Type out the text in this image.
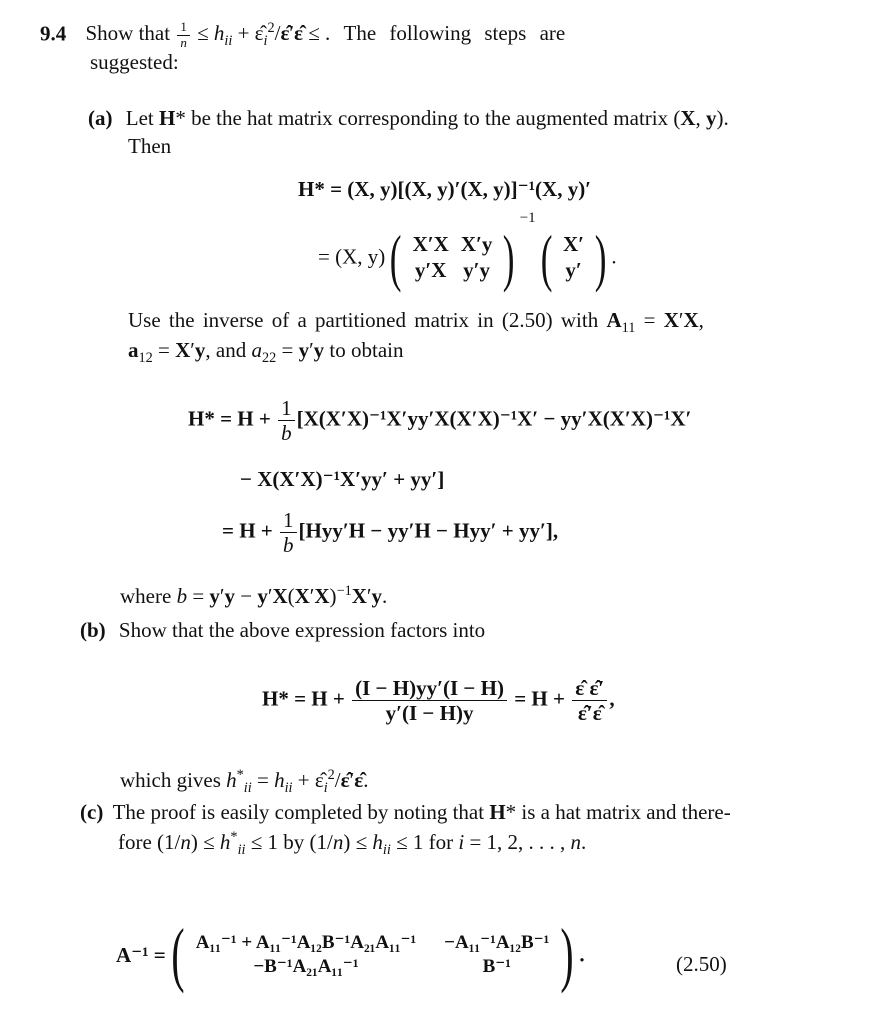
9.4 Show that $\frac{1}{n} \le h_{ii}$ + $\varepsilon̂_i^2/\varepsilon̂'\varepsilon̂$ ≤ . The following steps are
suggested:
(a) Let H* be the hat matrix corresponding to the augmented matrix (X, y).
Then
H* = (X, y)[(X, y)′(X, y)]⁻¹(X, y)′
= (X, y)( X′X	X′y
y′X	y′y )$^{-1}$( X′
y′ ) .
Use the inverse of a partitioned matrix in (2.50) with $A_{11} = X'X$,
$a_{12} = X'y$, and $a_{22} = y'y$ to obtain
$H* = H + \frac{1}{b} [X(X'X)^{-1}X'yy'X(X'X)^{-1}X' - yy'X(X'X)^{-1}X'$
− X(X′X)⁻¹X′yy′ + yy′]
= $H + \frac{1}{b} [Hyy'H - yy'H - Hyy' + yy']$,
where $b = y'y - y'X(X'X)^{-1}X'y$.
(b) Show that the above expression factors into
$H* = H + \frac{(I - H)yy'(I - H)}{y'(I - H)y} = H + \frac{\varepsilon̂ \varepsilon̂'}{\varepsilon̂'\varepsilon̂}$ ,
which gives $h^*_{ii} = h_{ii}$ + $\varepsilon̂_i^2/\varepsilon̂'\varepsilon̂$.
(c) The proof is easily completed by noting that H* is a hat matrix and there-
fore $(1/n) \le h^*_{ii} \le 1$ by $(1/n) \le h_{ii} \le 1$ for i = 1, 2, . . . , n.
A⁻¹ =( A₁₁⁻¹ + A₁₁⁻¹A₁₂B⁻¹A₂₁A₁₁⁻¹	−A₁₁⁻¹A₁₂B⁻¹
−B⁻¹A₂₁A₁₁⁻¹	B⁻¹ ) .	(2.50)
